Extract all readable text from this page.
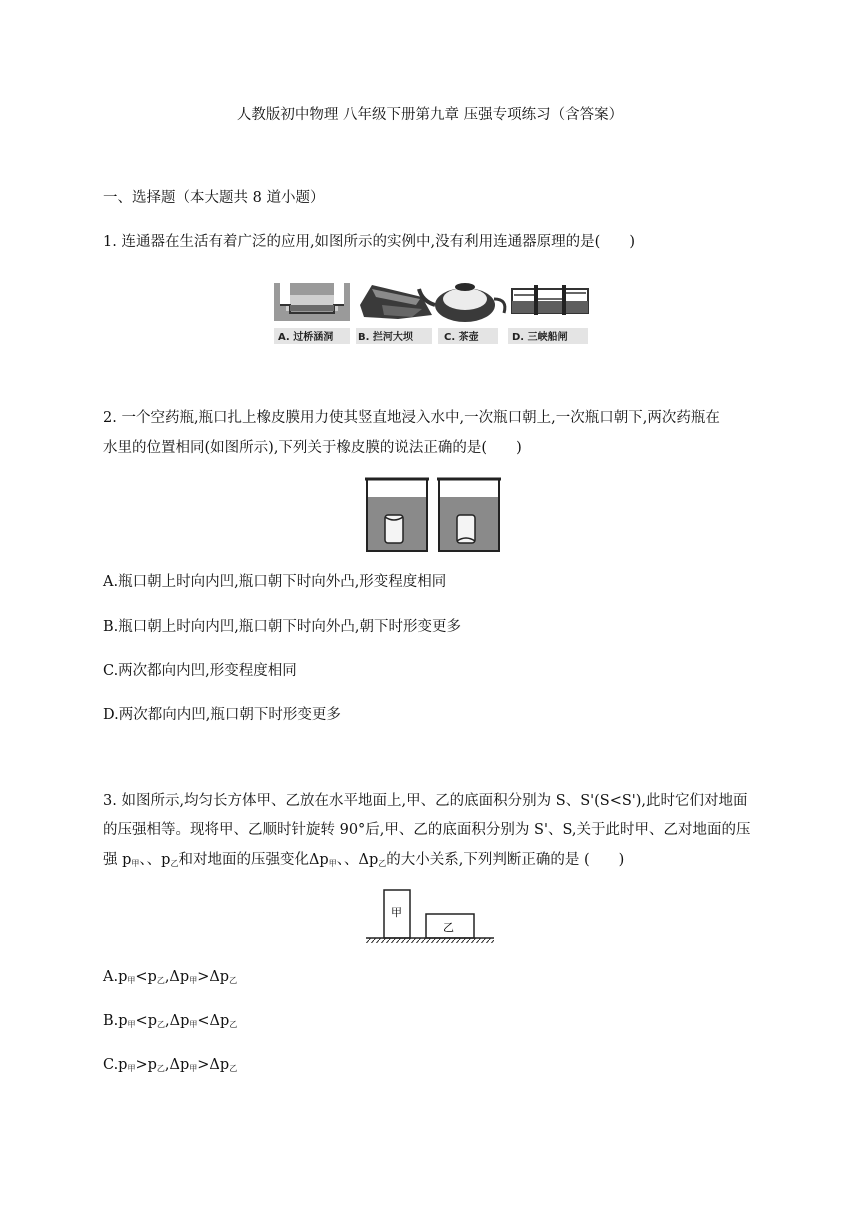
人教版初中物理 八年级下册第九章 压强专项练习（含答案）
一、选择题（本大题共 8 道小题）
1. 连通器在生活有着广泛的应用,如图所示的实例中,没有利用连通器原理的是(　　)
A. 过桥涵洞 B. 拦河大坝	C. 茶壶	D. 三峡船闸
2. 一个空药瓶,瓶口扎上橡皮膜用力使其竖直地浸入水中,一次瓶口朝上,一次瓶口朝下,两次药瓶在
水里的位置相同(如图所示),下列关于橡皮膜的说法正确的是(　　)
A.瓶口朝上时向内凹,瓶口朝下时向外凸,形变程度相同
B.瓶口朝上时向内凹,瓶口朝下时向外凸,朝下时形变更多
C.两次都向内凹,形变程度相同
D.两次都向内凹,瓶口朝下时形变更多
3. 如图所示,均匀长方体甲、乙放在水平地面上,甲、乙的底面积分别为 S、S'(S<S'),此时它们对地面
的压强相等。现将甲、乙顺时针旋转 90°后,甲、乙的底面积分别为 S'、S,关于此时甲、乙对地面的压
强 $p_甲$、、$p_乙$和对地面的压强变化$\Delta p_甲$、、$\Delta p_乙$的大小关系,下列判断正确的是 (　　)
甲
乙
$A.p_甲<p_乙,\Delta p_甲>\Delta p_乙$
$B.p_甲<p_乙,\Delta p_甲<\Delta p_乙$
$C.p_甲>p_乙,\Delta p_甲>\Delta p_乙$
